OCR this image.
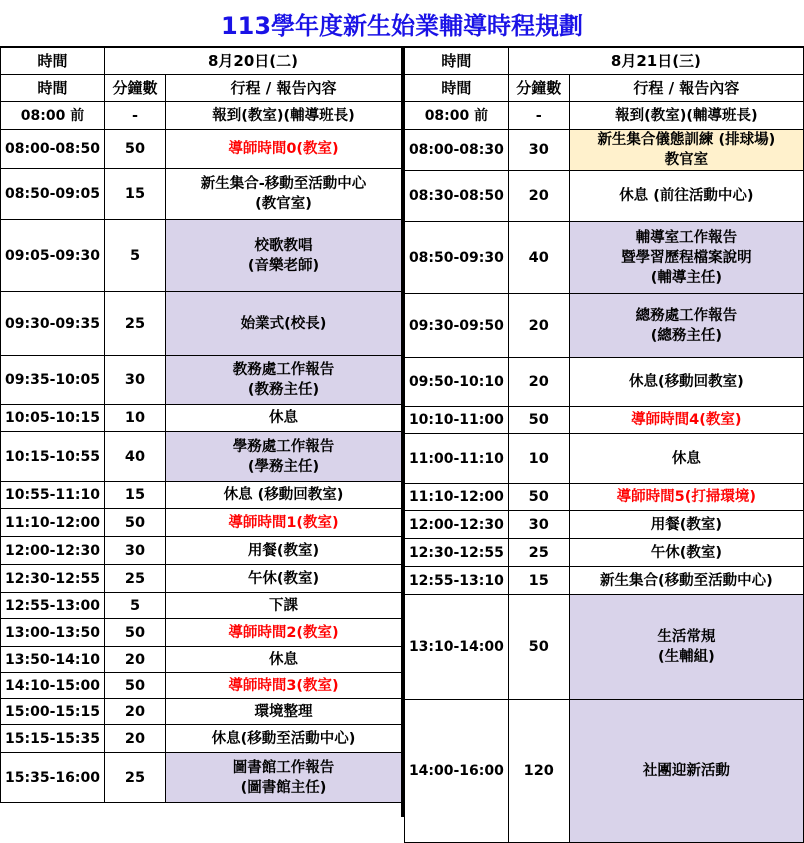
113學年度新生始業輔導時程規劃
時間	8月20日(二)	
時間	分鐘數	行程 / 報告內容
08:00 前	-	報到(教室)(輔導班長)

08:00-08:50	50	導師時間0(教室)

08:50-09:05	15	新生集合-移動至活動中心
(教官室)

09:05-09:30	5	校歌教唱
(音樂老師)

09:30-09:35	25	始業式(校長)

09:35-10:05	30	教務處工作報告
(教務主任)

10:05-10:15	10	休息

10:15-10:55	40	學務處工作報告
(學務主任)

10:55-11:10	15	休息 (移動回教室)

11:10-12:00	50	導師時間1(教室)

12:00-12:30	30	用餐(教室)

12:30-12:55	25	午休(教室)

12:55-13:00	5	下課

13:00-13:50	50	導師時間2(教室)

13:50-14:10	20	休息

14:10-15:00	50	導師時間3(教室)

15:00-15:15	20	環境整理

15:15-15:35	20	休息(移動至活動中心)

15:35-16:00	25	圖書館工作報告
(圖書館主任)
時間	8月21日(三)	
時間	分鐘數	行程 / 報告內容
08:00 前	-	報到(教室)(輔導班長)

08:00-08:30	30	新生集合儀態訓練 (排球場)
教官室

08:30-08:50	20	休息 (前往活動中心)

08:50-09:30	40	輔導室工作報告
暨學習歷程檔案說明
(輔導主任)

09:30-09:50	20	總務處工作報告
(總務主任)

09:50-10:10	20	休息(移動回教室)

10:10-11:00	50	導師時間4(教室)

11:00-11:10	10	休息

11:10-12:00	50	導師時間5(打掃環境)

12:00-12:30	30	用餐(教室)

12:30-12:55	25	午休(教室)

12:55-13:10	15	新生集合(移動至活動中心)

13:10-14:00	50	生活常規
(生輔組)

14:00-16:00	120	社團迎新活動
